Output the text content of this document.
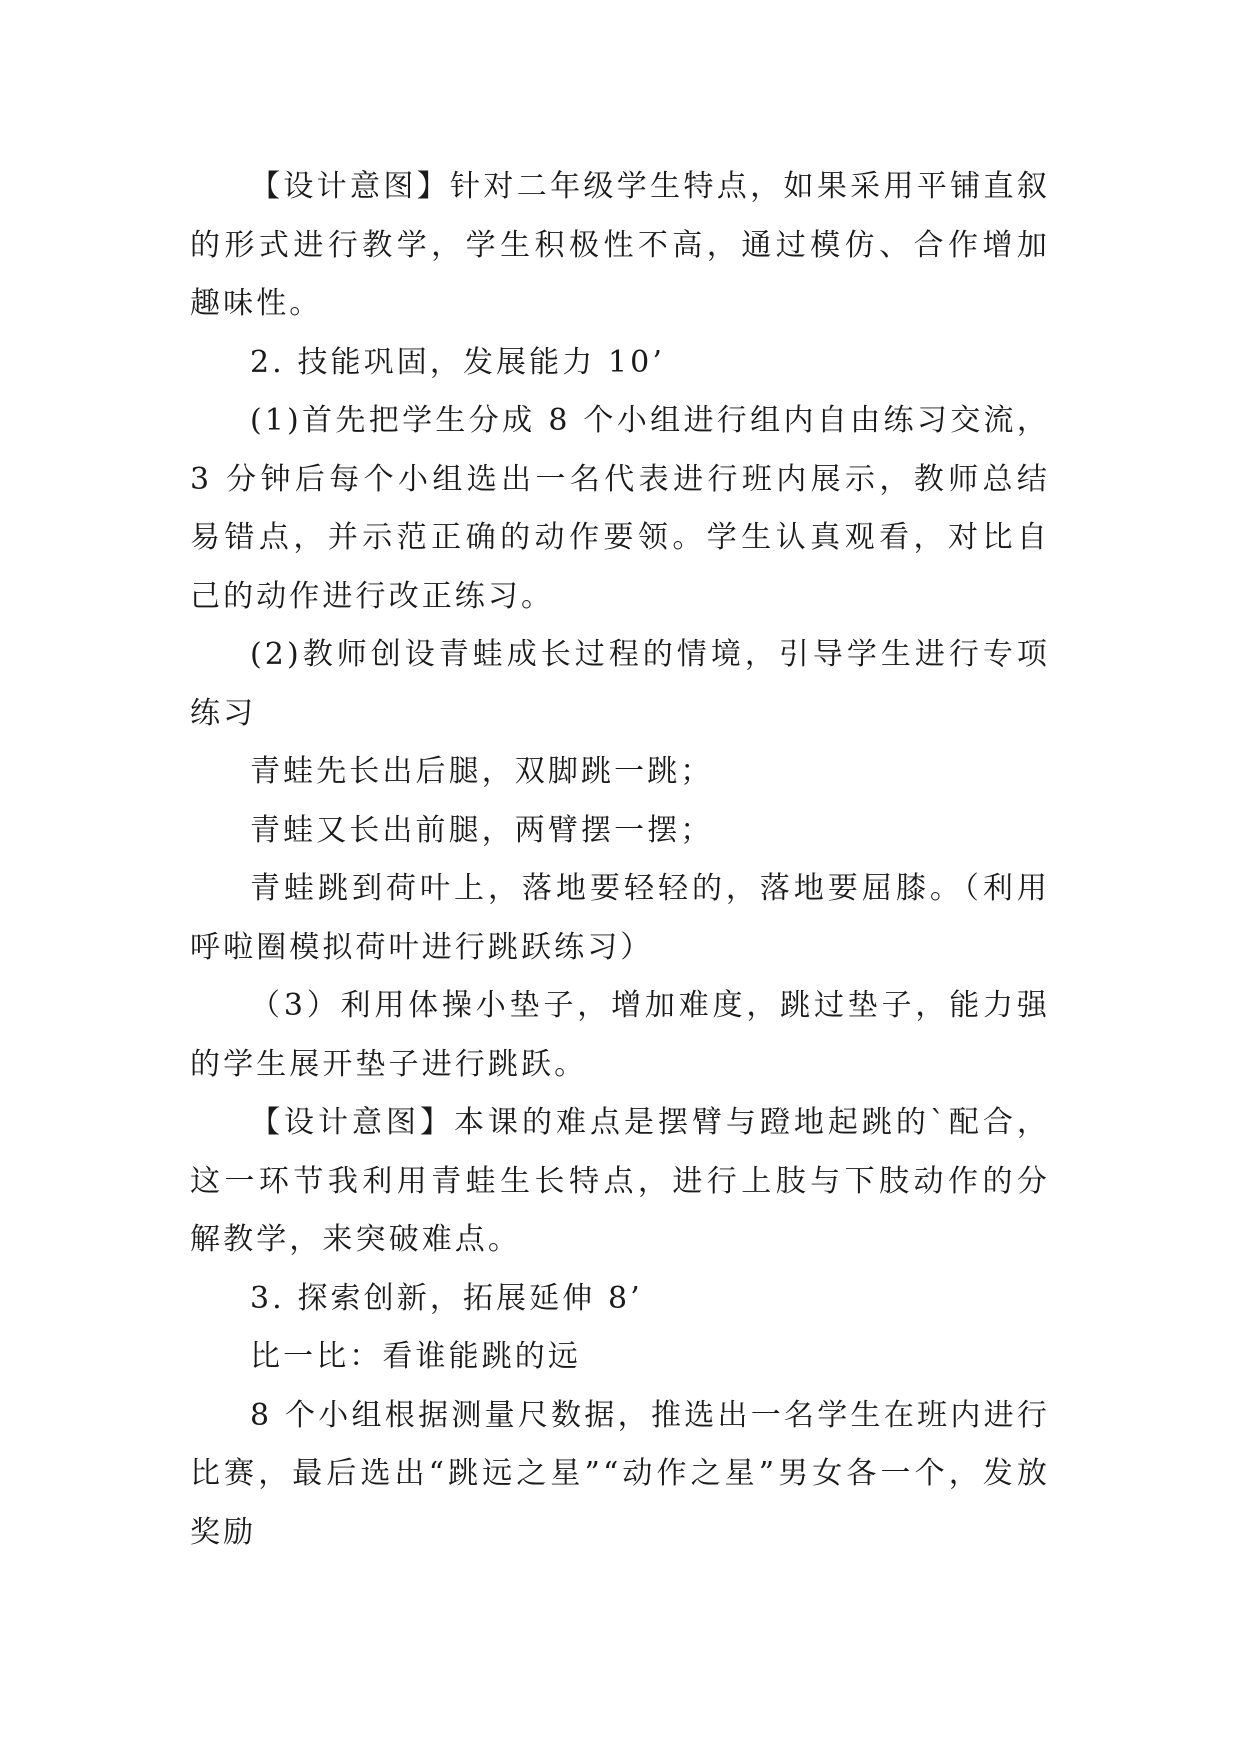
【设计意图】针对二年级学生特点，如果采用平铺直叙的形式进行教学，学生积极性不高，通过模仿、合作增加趣味性。

2. 技能巩固，发展能力 10’

(1)首先把学生分成 8 个小组进行组内自由练习交流，3 分钟后每个小组选出一名代表进行班内展示，教师总结易错点，并示范正确的动作要领。学生认真观看，对比自己的动作进行改正练习。

(2)教师创设青蛙成长过程的情境，引导学生进行专项练习

青蛙先长出后腿，双脚跳一跳；

青蛙又长出前腿，两臂摆一摆；

青蛙跳到荷叶上，落地要轻轻的，落地要屈膝。（利用呼啦圈模拟荷叶进行跳跃练习）

（3）利用体操小垫子，增加难度，跳过垫子，能力强的学生展开垫子进行跳跃。

【设计意图】本课的难点是摆臂与蹬地起跳的`配合，这一环节我利用青蛙生长特点，进行上肢与下肢动作的分解教学，来突破难点。

3. 探索创新，拓展延伸 8’

比一比：看谁能跳的远

8 个小组根据测量尺数据，推选出一名学生在班内进行比赛，最后选出“跳远之星”“动作之星”男女各一个，发放奖励
